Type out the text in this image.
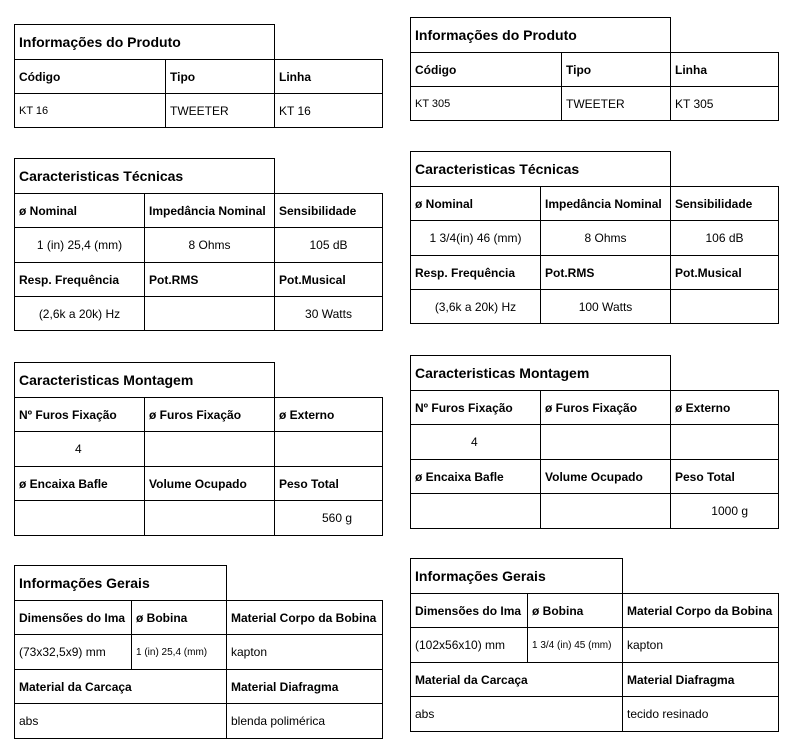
Informações do Produto		
Código	Tipo	Linha
KT 16	TWEETER	KT 16
Caracteristicas Técnicas		
ø Nominal	Impedância Nominal	Sensibilidade
1 (in) 25,4 (mm)	8 Ohms	105 dB
Resp. Frequência	Pot.RMS	Pot.Musical
(2,6k a 20k) Hz		30 Watts
Caracteristicas Montagem		
Nº Furos Fixação	ø Furos Fixação	ø Externo
4		
ø Encaixa Bafle	Volume Ocupado	Peso Total
		560 g
Informações Gerais		
Dimensões do Ima	ø Bobina	Material Corpo da Bobina
(73x32,5x9) mm	1 (in) 25,4 (mm)	kapton
Material da Carcaça		Material Diafragma
abs		blenda polimérica
Informações do Produto		
Código	Tipo	Linha
KT 305	TWEETER	KT 305
Caracteristicas Técnicas		
ø Nominal	Impedância Nominal	Sensibilidade
1 3/4(in) 46 (mm)	8 Ohms	106 dB
Resp. Frequência	Pot.RMS	Pot.Musical
(3,6k a 20k) Hz	100 Watts	
Caracteristicas Montagem		
Nº Furos Fixação	ø Furos Fixação	ø Externo
4		
ø Encaixa Bafle	Volume Ocupado	Peso Total
		1000 g
Informações Gerais		
Dimensões do Ima	ø Bobina	Material Corpo da Bobina
(102x56x10) mm	1 3/4 (in) 45 (mm)	kapton
Material da Carcaça		Material Diafragma
abs		tecido resinado
